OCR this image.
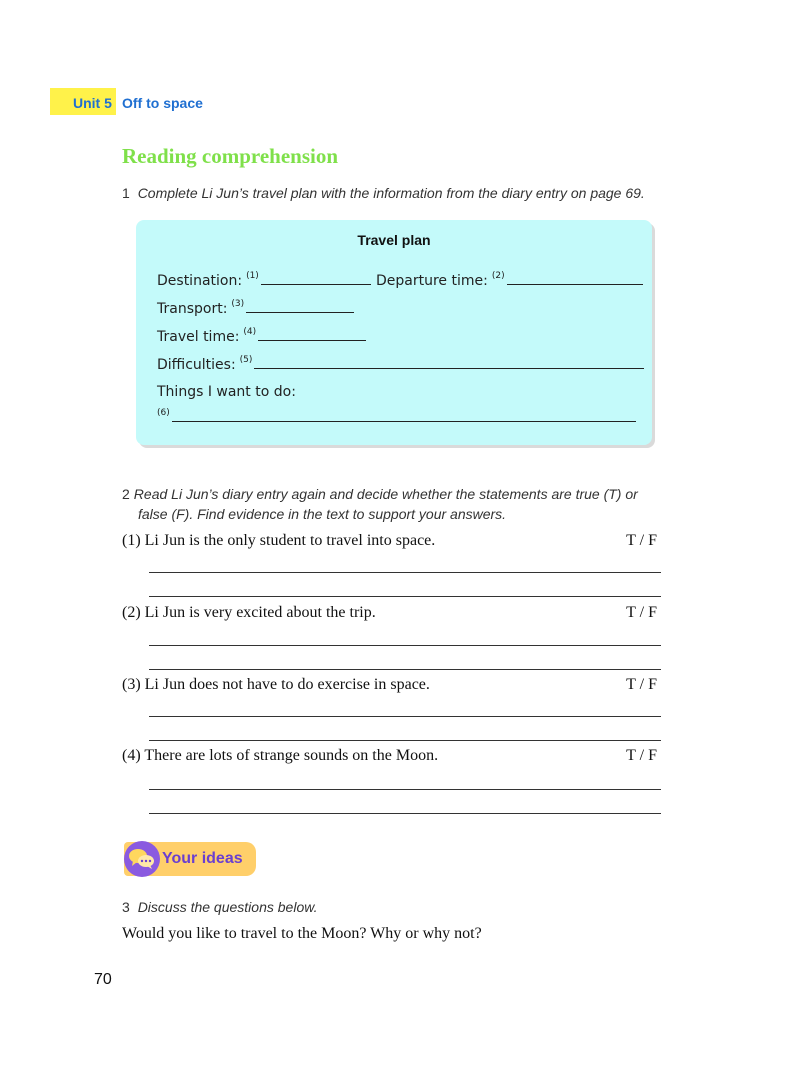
Unit 5 Off to space
Reading comprehension
1 Complete Li Jun’s travel plan with the information from the diary entry on page 69.
Travel plan
Destination: $^{(1)}$	Departure time: $^{(2)}$
Transport: $^{(3)}$
Travel time: $^{(4)}$
Difficulties: $^{(5)}$
Things I want to do:
$^{(6)}$
2 Read Li Jun’s diary entry again and decide whether the statements are true (T) or
false (F). Find evidence in the text to support your answers.
(1) Li Jun is the only student to travel into space.	T / F
(2) Li Jun is very excited about the trip.	T / F
(3) Li Jun does not have to do exercise in space.	T / F
(4) There are lots of strange sounds on the Moon.	T / F
Your ideas
3 Discuss the questions below.
Would you like to travel to the Moon? Why or why not?
70
